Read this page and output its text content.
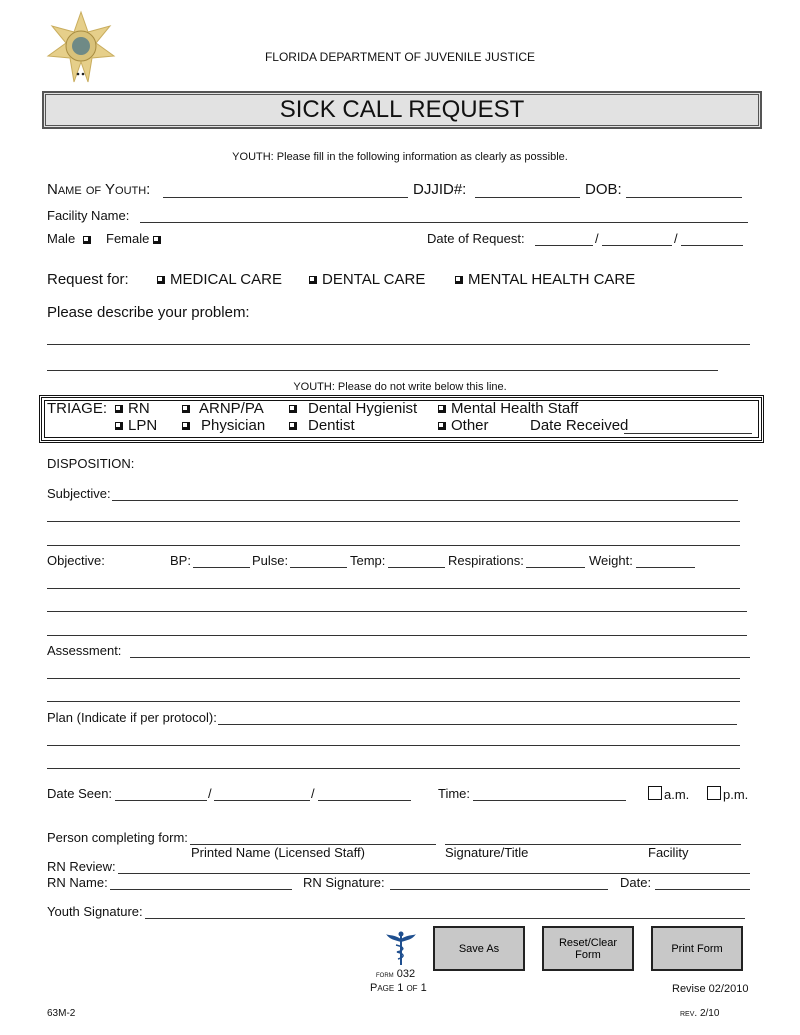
FLORIDA DEPARTMENT OF JUVENILE JUSTICE
SICK CALL REQUEST
YOUTH: Please fill in the following information as clearly as possible.
Name of Youth:	DJJID#:	DOB:
Facility Name:
Male	Female	Date of Request:	/	/
Request for:	MEDICAL CARE	DENTAL CARE	MENTAL HEALTH CARE
Please describe your problem:
YOUTH: Please do not write below this line.
TRIAGE:	RN	ARNP/PA	Dental Hygienist	Mental Health Staff
LPN	Physician	Dentist	Other	Date Received
DISPOSITION:
Subjective:
Objective:	BP:	Pulse:	Temp:	Respirations:	Weight:
Assessment:
Plan (Indicate if per protocol):
Date Seen:	/	/	Time:	a.m.	p.m.
Person completing form:
Printed Name (Licensed Staff)	Signature/Title	Facility
RN Review:
RN Name:	RN Signature:	Date:
Youth Signature:
form 032
Page 1 of 1
Save As	Reset/Clear Form	Print Form
Revise 02/2010
rev. 2/10
63M-2
